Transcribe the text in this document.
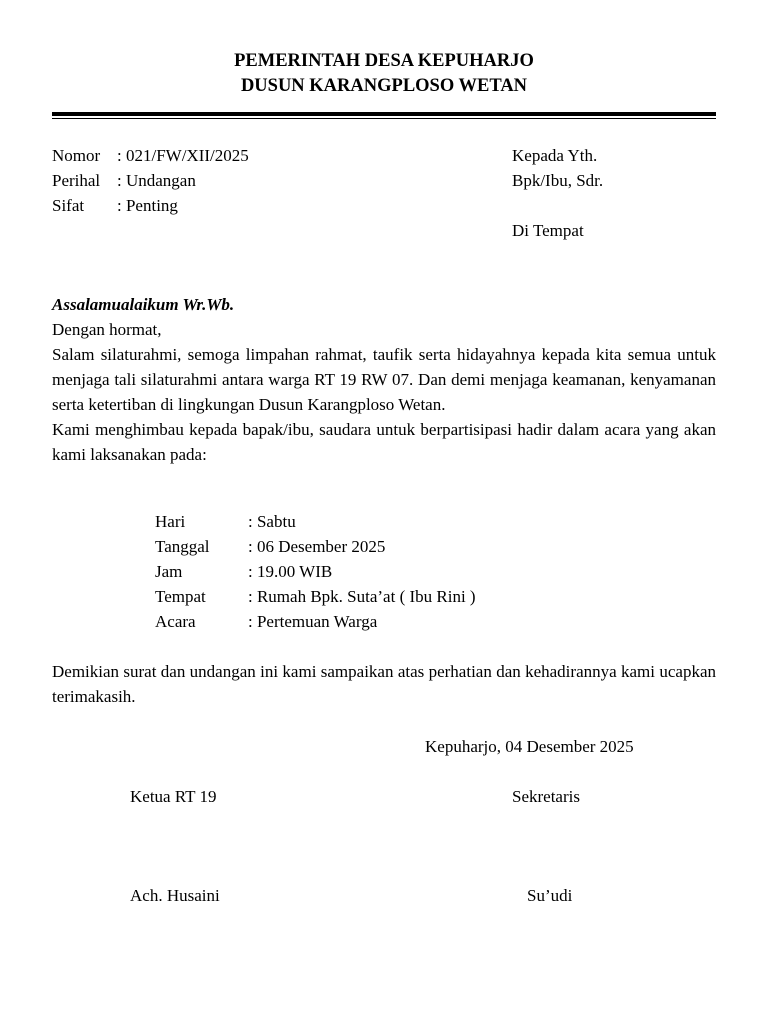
PEMERINTAH DESA KEPUHARJO
DUSUN KARANGPLOSO WETAN
Nomor : 021/FW/XII/2025
Perihal : Undangan
Sifat	: Penting
Kepada Yth.
Bpk/Ibu, Sdr.
Di Tempat
Assalamualaikum Wr.Wb.
Dengan hormat,
Salam silaturahmi, semoga limpahan rahmat, taufik serta hidayahnya kepada kita semua untuk menjaga tali silaturahmi antara warga RT 19 RW 07. Dan demi menjaga keamanan, kenyamanan serta ketertiban di lingkungan Dusun Karangploso Wetan.
Kami menghimbau kepada bapak/ibu, saudara untuk berpartisipasi hadir dalam acara yang akan kami laksanakan pada:
Hari	: Sabtu
Tanggal	: 06 Desember 2025
Jam	: 19.00 WIB
Tempat	: Rumah Bpk. Suta’at ( Ibu Rini )
Acara	: Pertemuan Warga
Demikian surat dan undangan ini kami sampaikan atas perhatian dan kehadirannya kami ucapkan terimakasih.
Kepuharjo, 04 Desember 2025
Ketua RT 19	Sekretaris
Ach. Husaini	Su’udi
